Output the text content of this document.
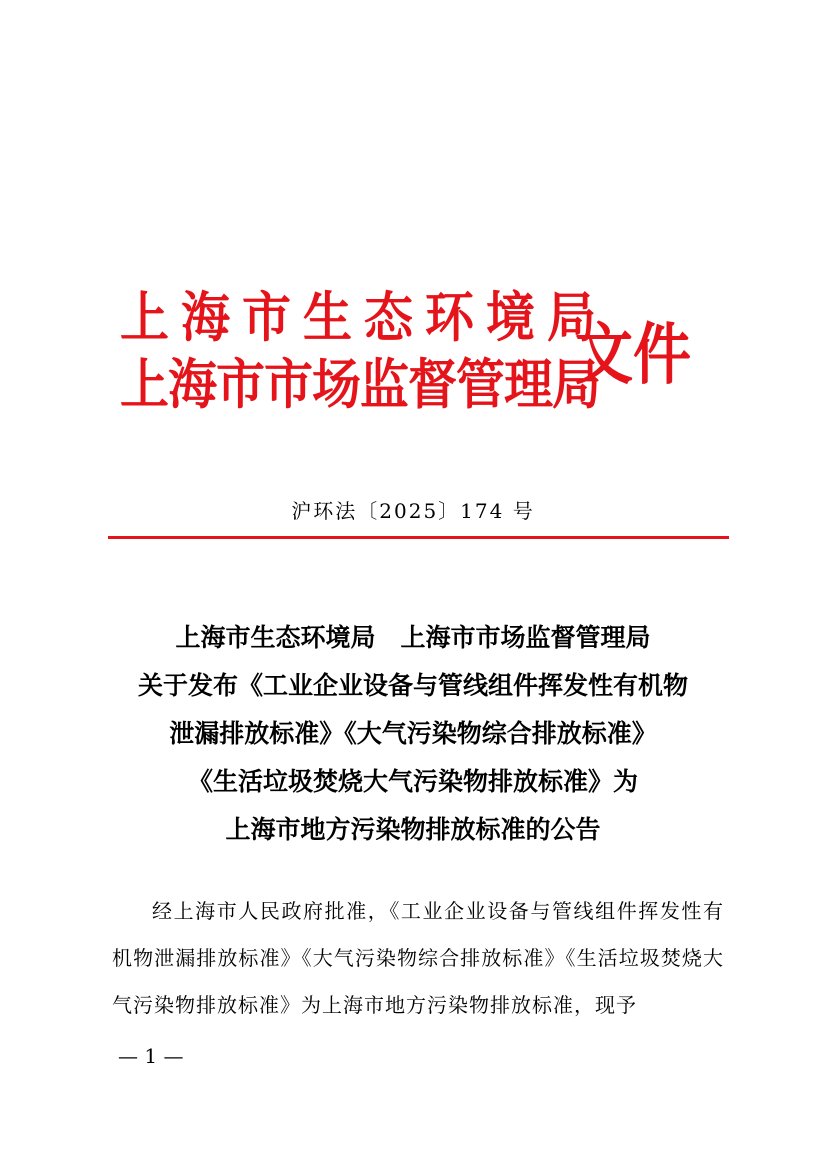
上海市生态环境局
上海市市场监督管理局
文件
沪环法〔2025〕174 号
上海市生态环境局　上海市市场监督管理局
关于发布《工业企业设备与管线组件挥发性有机物
泄漏排放标准》《大气污染物综合排放标准》
《生活垃圾焚烧大气污染物排放标准》为
上海市地方污染物排放标准的公告

经上海市人民政府批准，《工业企业设备与管线组件挥发性有机物泄漏排放标准》《大气污染物综合排放标准》《生活垃圾焚烧大气污染物排放标准》为上海市地方污染物排放标准，现予

— 1 —
